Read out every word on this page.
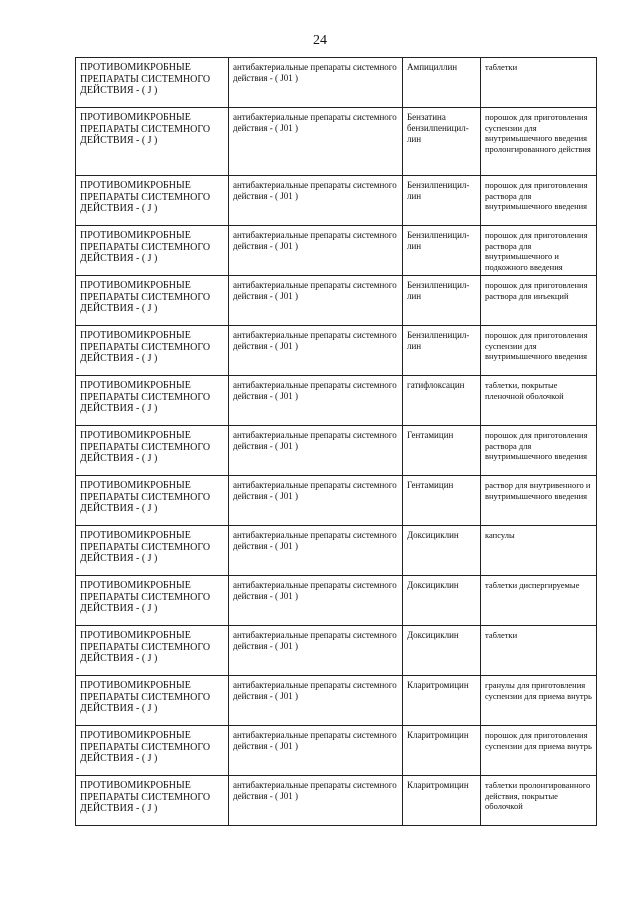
24
ПРОТИВОМИКРОБНЫЕ ПРЕПАРАТЫ СИСТЕМНОГО ДЕЙСТВИЯ - ( J )	антибактериальные препараты системного действия - ( J01 )	Ампициллин	таблетки

ПРОТИВОМИКРОБНЫЕ ПРЕПАРАТЫ СИСТЕМНОГО ДЕЙСТВИЯ - ( J )	антибактериальные препараты системного действия - ( J01 )	Бензатина бензилпеницил-лин	порошок для приготовления суспензии для внутримышечного введения пролонгированного действия

ПРОТИВОМИКРОБНЫЕ ПРЕПАРАТЫ СИСТЕМНОГО ДЕЙСТВИЯ - ( J )	антибактериальные препараты системного действия - ( J01 )	Бензилпеницил-лин	порошок для приготовления раствора для внутримышечного введения

ПРОТИВОМИКРОБНЫЕ ПРЕПАРАТЫ СИСТЕМНОГО ДЕЙСТВИЯ - ( J )	антибактериальные препараты системного действия - ( J01 )	Бензилпеницил-лин	порошок для приготовления раствора для внутримышечного и подкожного введения

ПРОТИВОМИКРОБНЫЕ ПРЕПАРАТЫ СИСТЕМНОГО ДЕЙСТВИЯ - ( J )	антибактериальные препараты системного действия - ( J01 )	Бензилпеницил-лин	порошок для приготовления раствора для инъекций

ПРОТИВОМИКРОБНЫЕ ПРЕПАРАТЫ СИСТЕМНОГО ДЕЙСТВИЯ - ( J )	антибактериальные препараты системного действия - ( J01 )	Бензилпеницил-лин	порошок для приготовления суспензии для внутримышечного введения

ПРОТИВОМИКРОБНЫЕ ПРЕПАРАТЫ СИСТЕМНОГО ДЕЙСТВИЯ - ( J )	антибактериальные препараты системного действия - ( J01 )	гатифлоксацин	таблетки, покрытые пленочной оболочкой

ПРОТИВОМИКРОБНЫЕ ПРЕПАРАТЫ СИСТЕМНОГО ДЕЙСТВИЯ - ( J )	антибактериальные препараты системного действия - ( J01 )	Гентамицин	порошок для приготовления раствора для внутримышечного введения

ПРОТИВОМИКРОБНЫЕ ПРЕПАРАТЫ СИСТЕМНОГО ДЕЙСТВИЯ - ( J )	антибактериальные препараты системного действия - ( J01 )	Гентамицин	раствор для внутривенного и внутримышечного введения

ПРОТИВОМИКРОБНЫЕ ПРЕПАРАТЫ СИСТЕМНОГО ДЕЙСТВИЯ - ( J )	антибактериальные препараты системного действия - ( J01 )	Доксициклин	капсулы

ПРОТИВОМИКРОБНЫЕ ПРЕПАРАТЫ СИСТЕМНОГО ДЕЙСТВИЯ - ( J )	антибактериальные препараты системного действия - ( J01 )	Доксициклин	таблетки диспергируемые

ПРОТИВОМИКРОБНЫЕ ПРЕПАРАТЫ СИСТЕМНОГО ДЕЙСТВИЯ - ( J )	антибактериальные препараты системного действия - ( J01 )	Доксициклин	таблетки

ПРОТИВОМИКРОБНЫЕ ПРЕПАРАТЫ СИСТЕМНОГО ДЕЙСТВИЯ - ( J )	антибактериальные препараты системного действия - ( J01 )	Кларитромицин	гранулы для приготовления суспензии для приема внутрь

ПРОТИВОМИКРОБНЫЕ ПРЕПАРАТЫ СИСТЕМНОГО ДЕЙСТВИЯ - ( J )	антибактериальные препараты системного действия - ( J01 )	Кларитромицин	порошок для приготовления суспензии для приема внутрь

ПРОТИВОМИКРОБНЫЕ ПРЕПАРАТЫ СИСТЕМНОГО ДЕЙСТВИЯ - ( J )	антибактериальные препараты системного действия - ( J01 )	Кларитромицин	таблетки пролонгированного действия, покрытые оболочкой
